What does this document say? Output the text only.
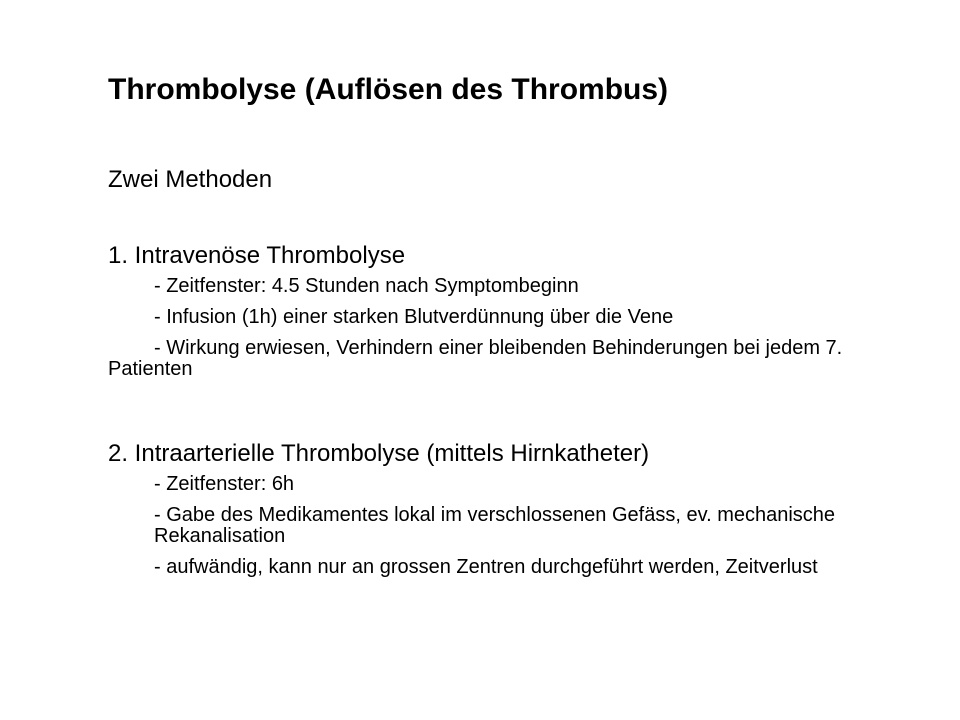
Thrombolyse (Auflösen des Thrombus)
Zwei Methoden
1. Intravenöse Thrombolyse
- Zeitfenster: 4.5 Stunden nach Symptombeginn
- Infusion (1h) einer starken Blutverdünnung über die Vene
- Wirkung erwiesen, Verhindern einer bleibenden Behinderungen bei jedem 7. Patienten
2. Intraarterielle Thrombolyse (mittels Hirnkatheter)
- Zeitfenster: 6h
- Gabe des Medikamentes lokal im verschlossenen Gefäss, ev. mechanische Rekanalisation
- aufwändig, kann nur an grossen Zentren durchgeführt werden, Zeitverlust
